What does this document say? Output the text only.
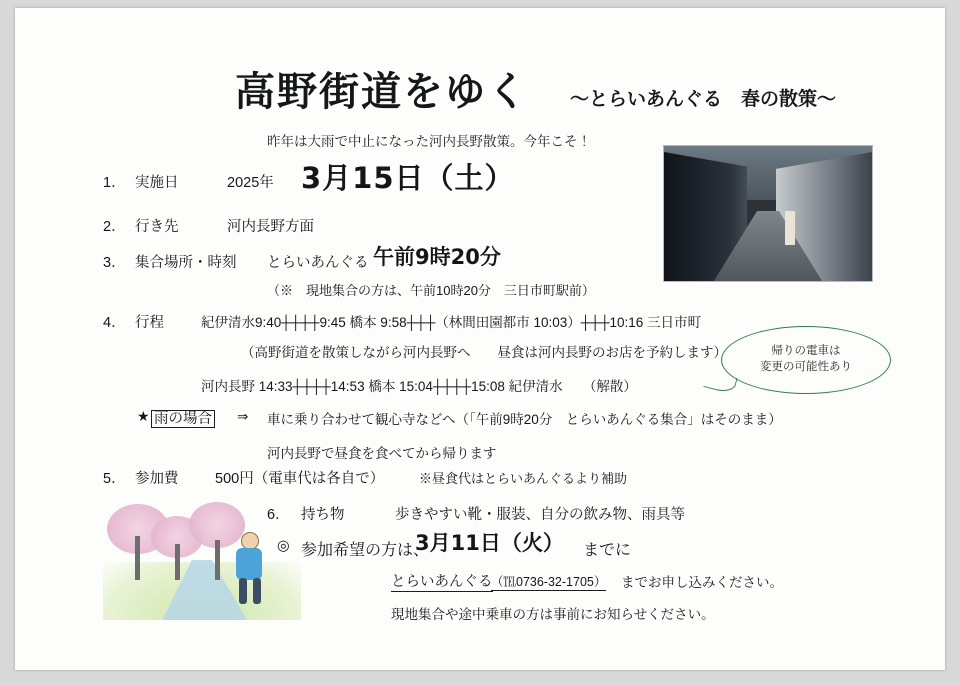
高野街道をゆく ～とらいあんぐる　春の散策～
昨年は大雨で中止になった河内長野散策。今年こそ！
帰りの電車は
変更の可能性あり
1． 実施日	2025年 3月15日（土）
2． 行き先	河内長野方面
3． 集合場所・時刻 とらいあんぐる 午前9時20分
（※　現地集合の方は、午前10時20分　三日市町駅前）
4． 行程	紀伊清水9:40┼┼┼┼9:45 橋本 9:58┼┼┼（林間田園都市 10:03）┼┼┼10:16 三日市町
（高野街道を散策しながら河内長野へ　　昼食は河内長野のお店を予約します）
河内長野 14:33┼┼┼┼14:53 橋本 15:04┼┼┼┼15:08 紀伊清水　　（解散）
★ 雨の場合 ⇒ 車に乗り合わせて観心寺などへ（「午前9時20分　とらいあんぐる集合」はそのまま）
河内長野で昼食を食べてから帰ります
5． 参加費	500円（電車代は各自で）	※昼食代はとらいあんぐるより補助
6． 持ち物	歩きやすい靴・服装、自分の飲み物、雨具等
◎ 参加希望の方は、
3月11日（火） までに
とらいあんぐる
（℡0736-32-1705） までお申し込みください。
現地集合や途中乗車の方は事前にお知らせください。
